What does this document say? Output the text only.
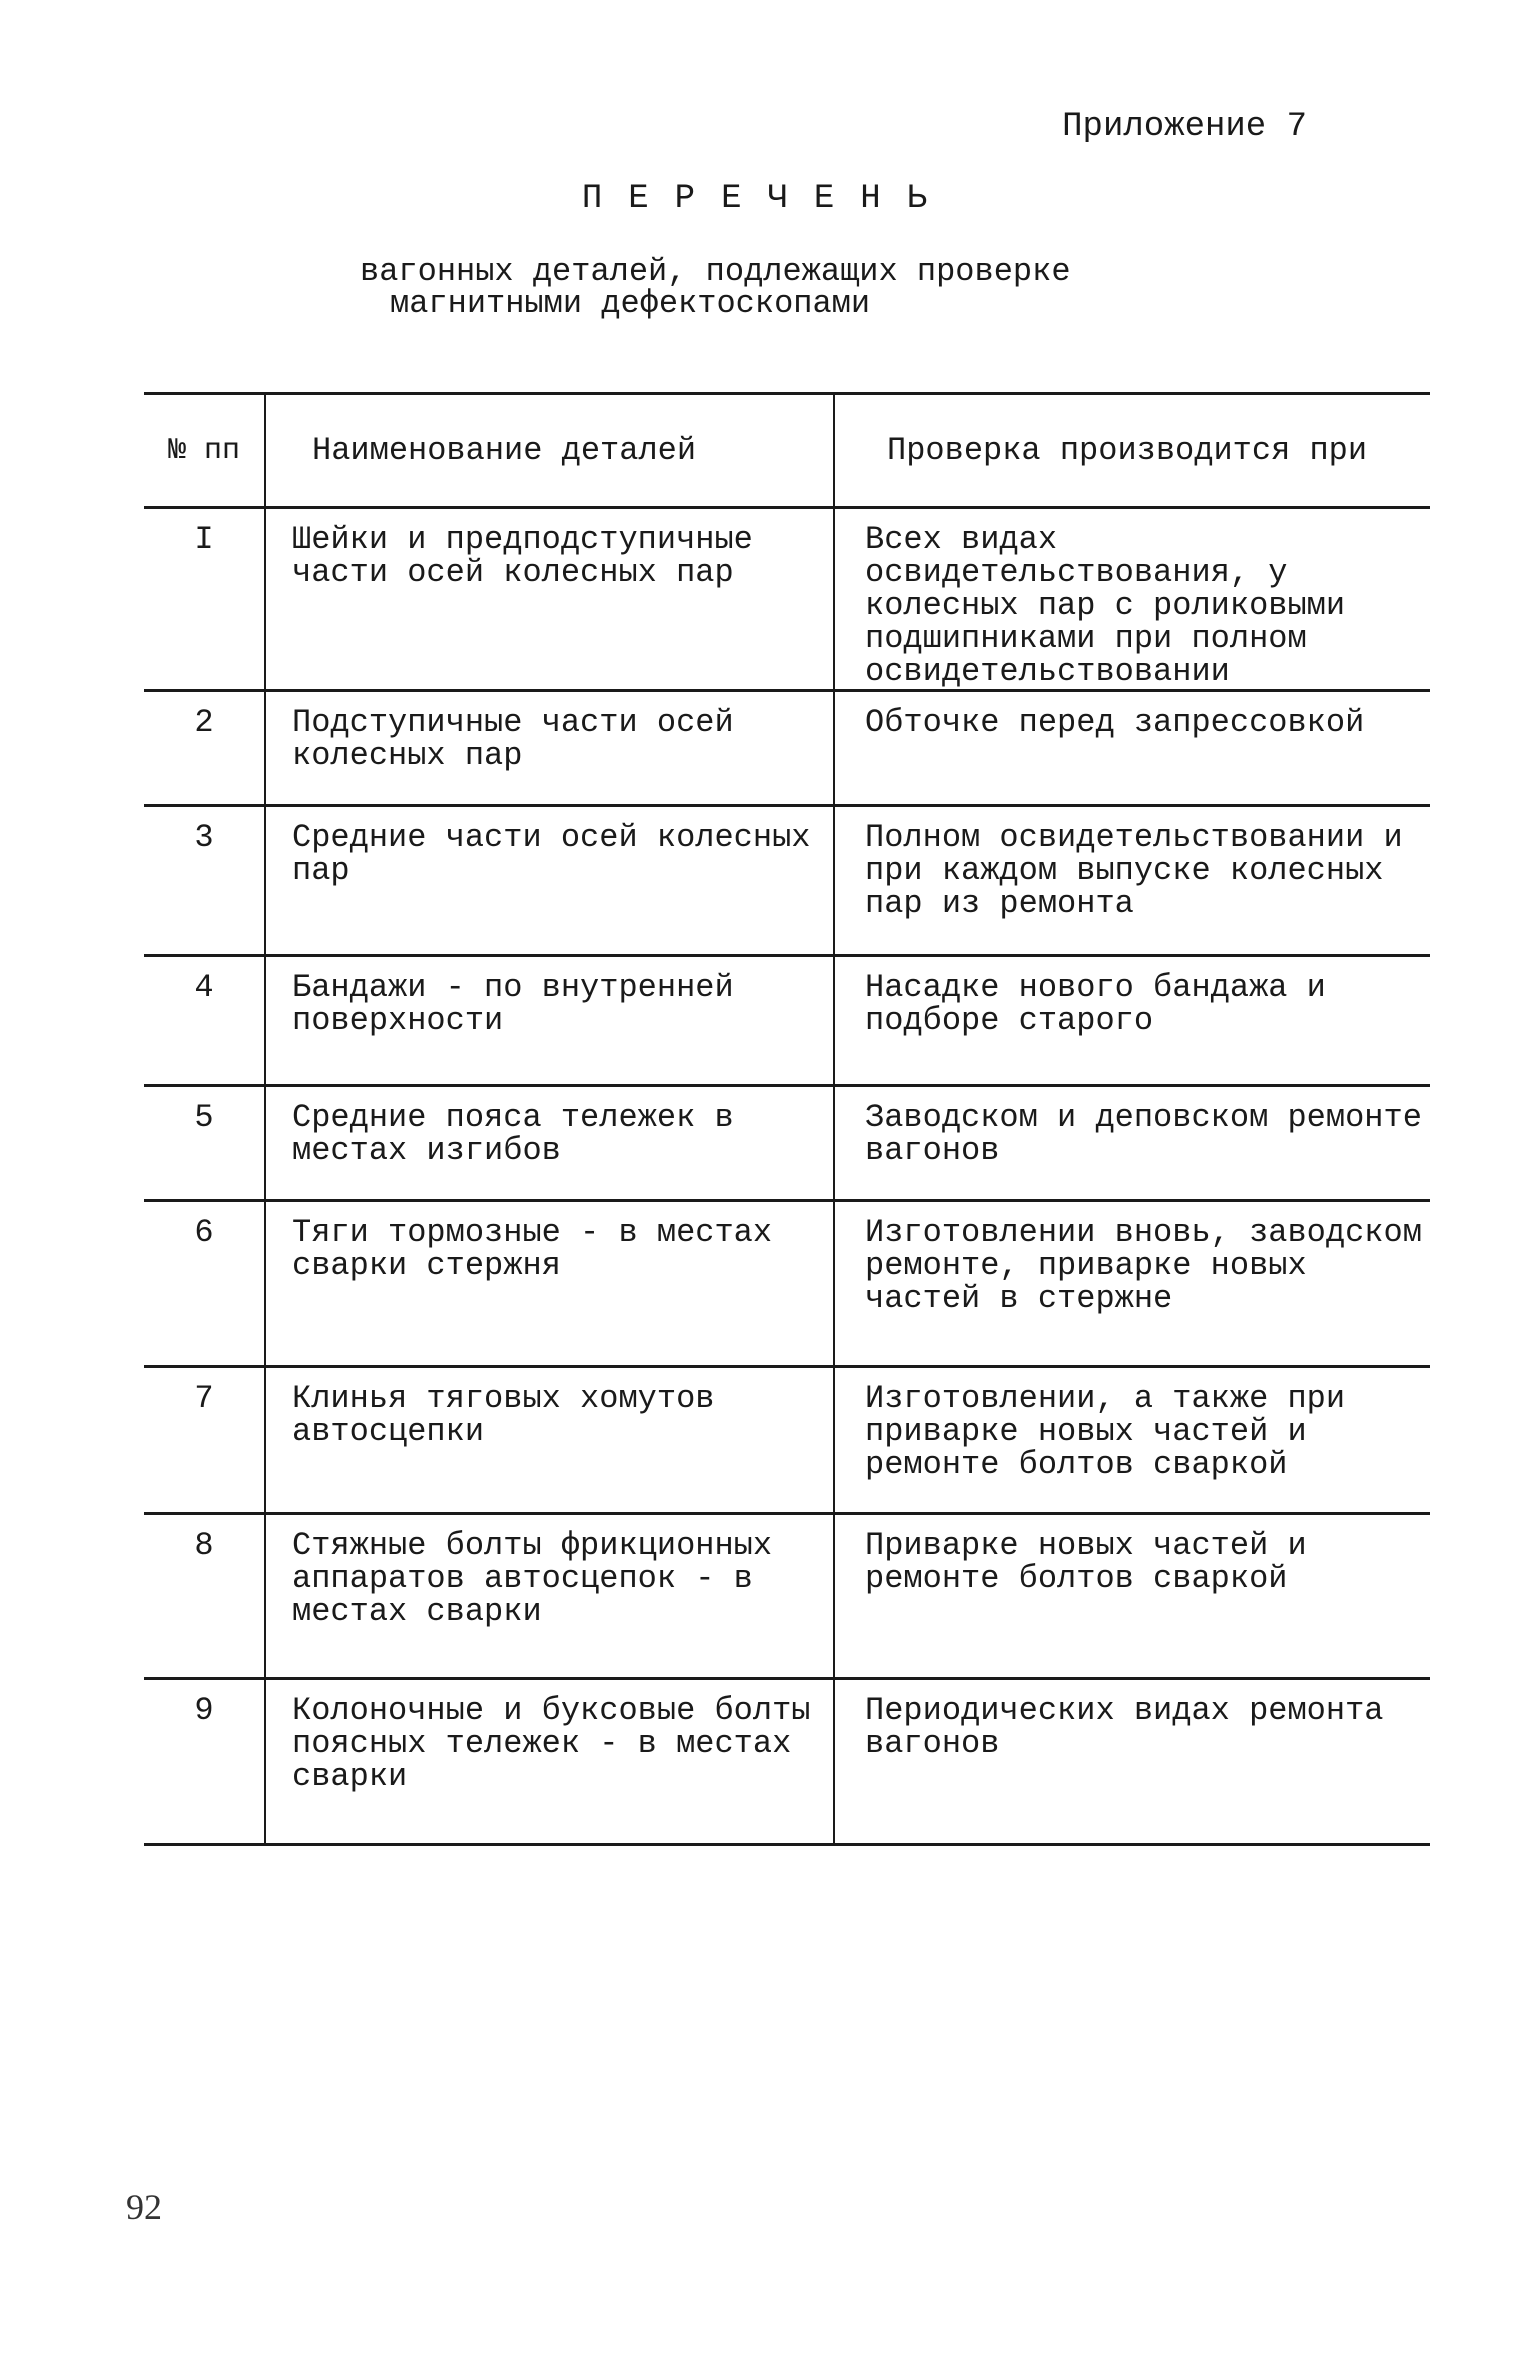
Приложение 7
ПЕРЕЧЕНЬ
вагонных деталей, подлежащих проверке
магнитными дефектоскопами
№ пп	Наименование деталей	Проверка производится при
I	Шейки и предподступичные части осей колесных пар	Всех видах освидетельствования, у колесных пар с роликовыми подшипниками при полном освидетельствовании
2	Подступичные части осей колесных пар	Обточке перед запрессовкой
3	Средние части осей колесных пар	Полном освидетельствовании и при каждом выпуске колесных пар из ремонта
4	Бандажи - по внутренней поверхности	Насадке нового бандажа и подборе старого
5	Средние пояса тележек в местах изгибов	Заводском и деповском ремонте вагонов
6	Тяги тормозные - в местах сварки стержня	Изготовлении вновь, заводском ремонте, приварке новых частей в стержне
7	Клинья тяговых хомутов автосцепки	Изготовлении, а также при приварке новых частей и ремонте болтов сваркой
8	Стяжные болты фрикционных аппаратов автосцепок - в местах сварки	Приварке новых частей и ремонте болтов сваркой
9	Колоночные и буксовые болты поясных тележек - в местах сварки	Периодических видах ремонта вагонов
92
